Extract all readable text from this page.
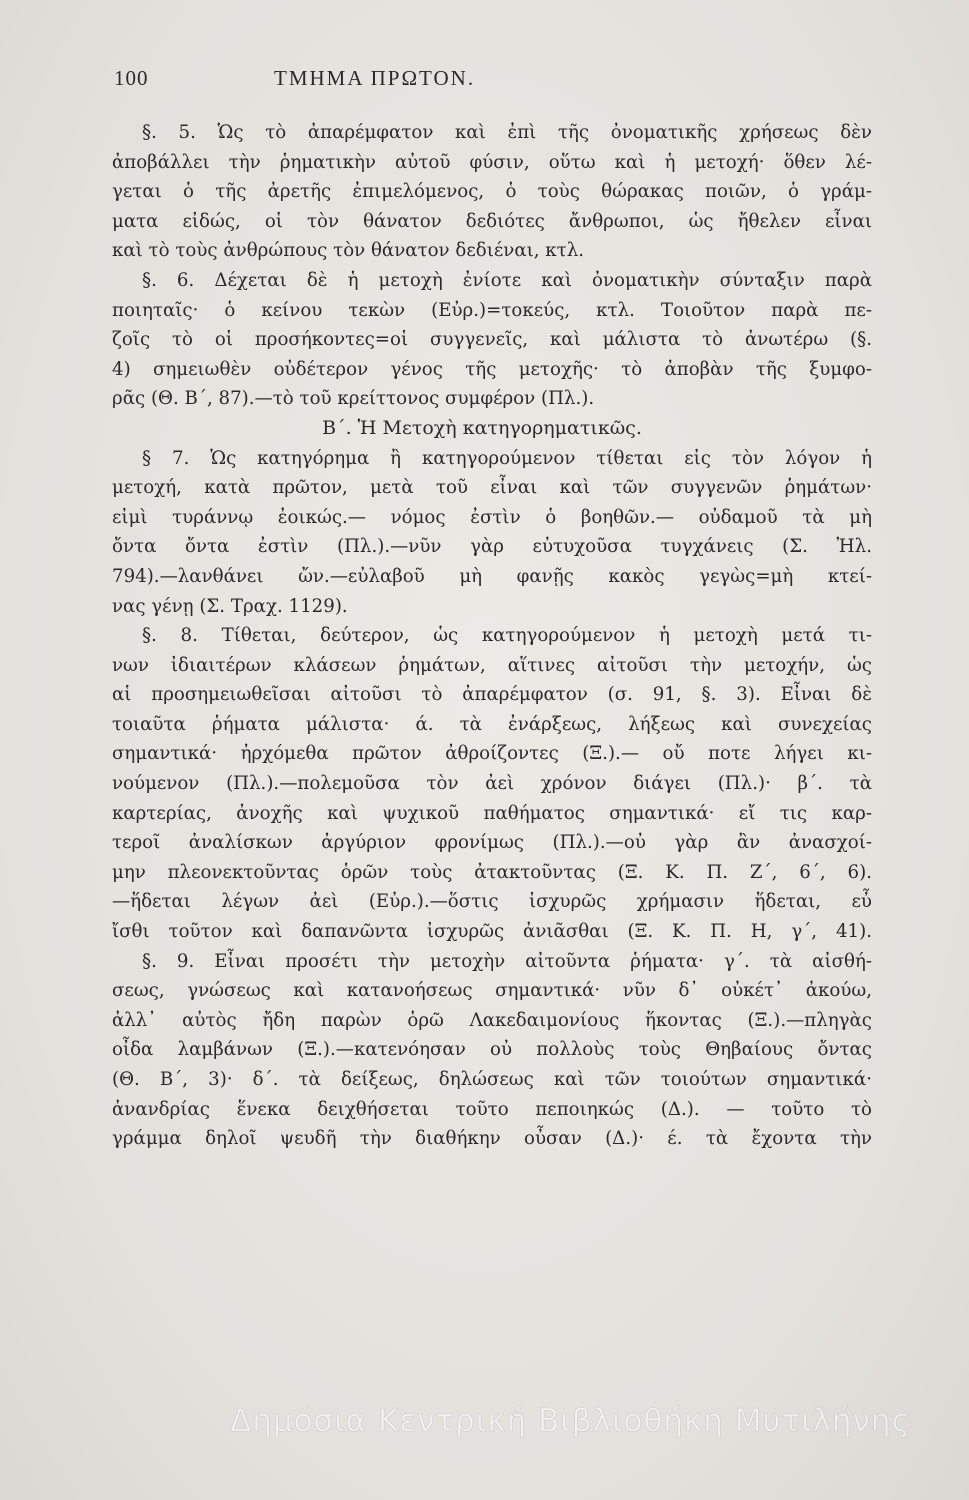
100	ΤΜΗΜΑ ΠΡΩΤΟΝ.
§. 5. Ὡς τὸ ἀπαρέμφατον καὶ ἐπὶ τῆς ὀνοματικῆς χρήσεως δὲν
ἀποβάλλει τὴν ῥηματικὴν αὐτοῦ φύσιν, οὕτω καὶ ἡ μετοχή· ὅθεν λέ-
γεται ὁ τῆς ἀρετῆς ἐπιμελόμενος, ὁ τοὺς θώρακας ποιῶν, ὁ γράμ-
ματα εἰδώς, οἱ τὸν θάνατον δεδιότες ἄνθρωποι, ὡς ἤθελεν εἶναι
καὶ τὸ τοὺς ἀνθρώπους τὸν θάνατον δεδιέναι, κτλ.
§. 6. Δέχεται δὲ ἡ μετοχὴ ἐνίοτε καὶ ὀνοματικὴν σύνταξιν παρὰ
ποιηταῖς· ὁ κείνου τεκὼν (Εὐρ.)=τοκεύς, κτλ. Τοιοῦτον παρὰ πε-
ζοῖς τὸ οἱ προσήκοντες=οἱ συγγενεῖς, καὶ μάλιστα τὸ ἀνωτέρω (§.
4) σημειωθὲν οὐδέτερον γένος τῆς μετοχῆς· τὸ ἀποβὰν τῆς ξυμφο-
ρᾶς (Θ. Β΄, 87).—τὸ τοῦ κρείττονος συμφέρον (Πλ.).
Β΄. Ἡ Μετοχὴ κατηγορηματικῶς.
§ 7. Ὡς κατηγόρημα ἢ κατηγορούμενον τίθεται εἰς τὸν λόγον ἡ
μετοχή, κατὰ πρῶτον, μετὰ τοῦ εἶναι καὶ τῶν συγγενῶν ῥημάτων·
εἰμὶ τυράννῳ ἐοικώς.— νόμος ἐστὶν ὁ βοηθῶν.— οὐδαμοῦ τὰ μὴ
ὄντα ὄντα ἐστὶν (Πλ.).—νῦν γὰρ εὐτυχοῦσα τυγχάνεις (Σ. Ἠλ.
794).—λανθάνει ὤν.—εὐλαβοῦ μὴ φανῇς κακὸς γεγὼς=μὴ κτεί-
νας γένῃ (Σ. Τραχ. 1129).
§. 8. Τίθεται, δεύτερον, ὡς κατηγορούμενον ἡ μετοχὴ μετά τι-
νων ἰδιαιτέρων κλάσεων ῥημάτων, αἵτινες αἰτοῦσι τὴν μετοχήν, ὡς
αἱ προσημειωθεῖσαι αἰτοῦσι τὸ ἀπαρέμφατον (σ. 91, §. 3). Εἶναι δὲ
τοιαῦτα ῥήματα μάλιστα· ά. τὰ ἐνάρξεως, λήξεως καὶ συνεχείας
σημαντικά· ἠρχόμεθα πρῶτον ἀθροίζοντες (Ξ.).— οὔ ποτε λήγει κι-
νούμενον (Πλ.).—πολεμοῦσα τὸν ἀεὶ χρόνον διάγει (Πλ.)· β΄. τὰ
καρτερίας, ἀνοχῆς καὶ ψυχικοῦ παθήματος σημαντικά· εἴ τις καρ-
τεροῖ ἀναλίσκων ἀργύριον φρονίμως (Πλ.).—οὐ γὰρ ἂν ἀνασχοί-
μην πλεονεκτοῦντας ὁρῶν τοὺς ἀτακτοῦντας (Ξ. Κ. Π. Ζ΄, 6΄, 6).
—ἥδεται λέγων ἀεὶ (Εὐρ.).—ὅστις ἰσχυρῶς χρήμασιν ἥδεται, εὖ
ἴσθι τοῦτον καὶ δαπανῶντα ἰσχυρῶς ἀνιᾶσθαι (Ξ. Κ. Π. Η, γ΄, 41).
§. 9. Εἶναι προσέτι τὴν μετοχὴν αἰτοῦντα ῥήματα· γ΄. τὰ αἰσθή-
σεως, γνώσεως καὶ κατανοήσεως σημαντικά· νῦν δ᾽ οὐκέτ᾽ ἀκούω,
ἀλλ᾽ αὐτὸς ἤδη παρὼν ὁρῶ Λακεδαιμονίους ἥκοντας (Ξ.).—πληγὰς
οἶδα λαμβάνων (Ξ.).—κατενόησαν οὐ πολλοὺς τοὺς Θηβαίους ὄντας
(Θ. Β΄, 3)· δ΄. τὰ δείξεως, δηλώσεως καὶ τῶν τοιούτων σημαντικά·
ἀνανδρίας ἕνεκα δειχθήσεται τοῦτο πεποιηκώς (Δ.). — τοῦτο τὸ
γράμμα δηλοῖ ψευδῆ τὴν διαθήκην οὖσαν (Δ.)· έ. τὰ ἔχοντα τὴν
Δημόσια Κεντρική Βιβλιοθήκη Μυτιλήνης
